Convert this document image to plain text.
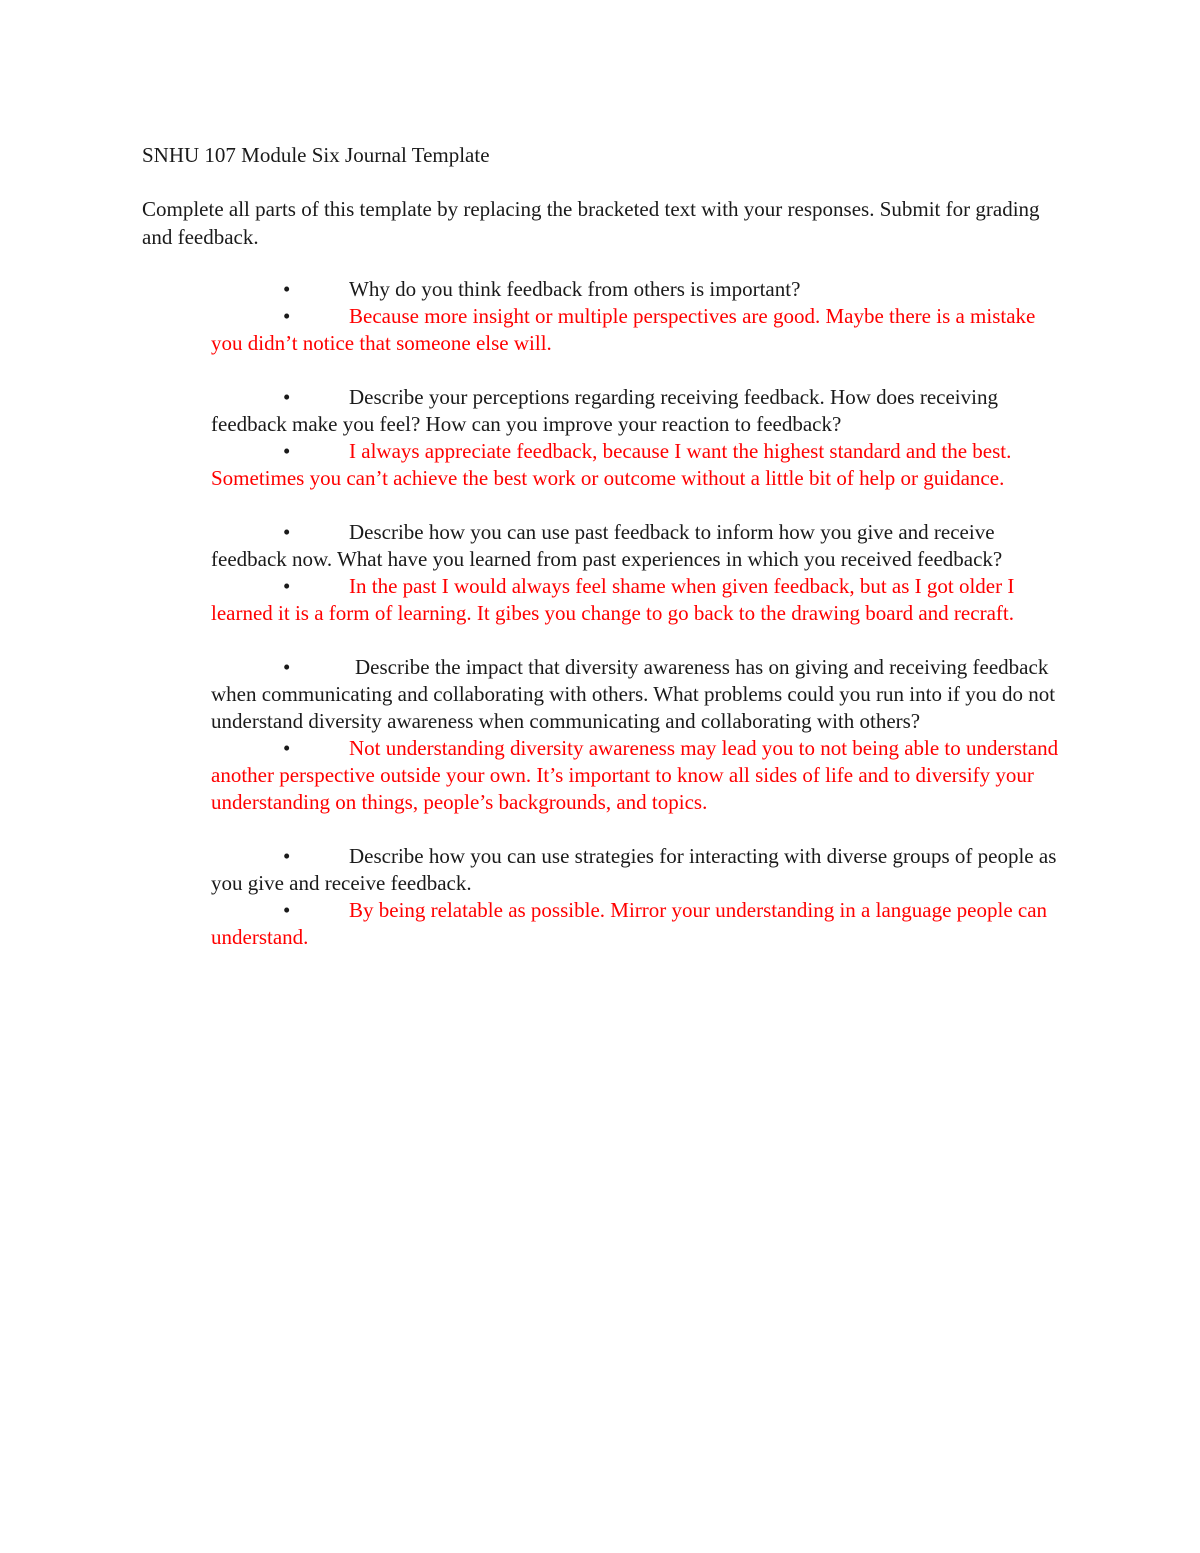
SNHU 107 Module Six Journal Template

Complete all parts of this template by replacing the bracketed text with your responses. Submit for grading and feedback.

•	Why do you think feedback from others is important?

•	Because more insight or multiple perspectives are good. Maybe there is a mistake you didn’t notice that someone else will.

•	Describe your perceptions regarding receiving feedback. How does receiving feedback make you feel? How can you improve your reaction to feedback?

•	I always appreciate feedback, because I want the highest standard and the best. Sometimes you can’t achieve the best work or outcome without a little bit of help or guidance.

•	Describe how you can use past feedback to inform how you give and receive feedback now. What have you learned from past experiences in which you received feedback?

•	In the past I would always feel shame when given feedback, but as I got older I learned it is a form of learning. It gibes you change to go back to the drawing board and recraft.

•	Describe the impact that diversity awareness has on giving and receiving feedback when communicating and collaborating with others. What problems could you run into if you do not understand diversity awareness when communicating and collaborating with others?

•	Not understanding diversity awareness may lead you to not being able to understand another perspective outside your own. It’s important to know all sides of life and to diversify your understanding on things, people’s backgrounds, and topics.

•	Describe how you can use strategies for interacting with diverse groups of people as you give and receive feedback.

•	By being relatable as possible. Mirror your understanding in a language people can understand.
